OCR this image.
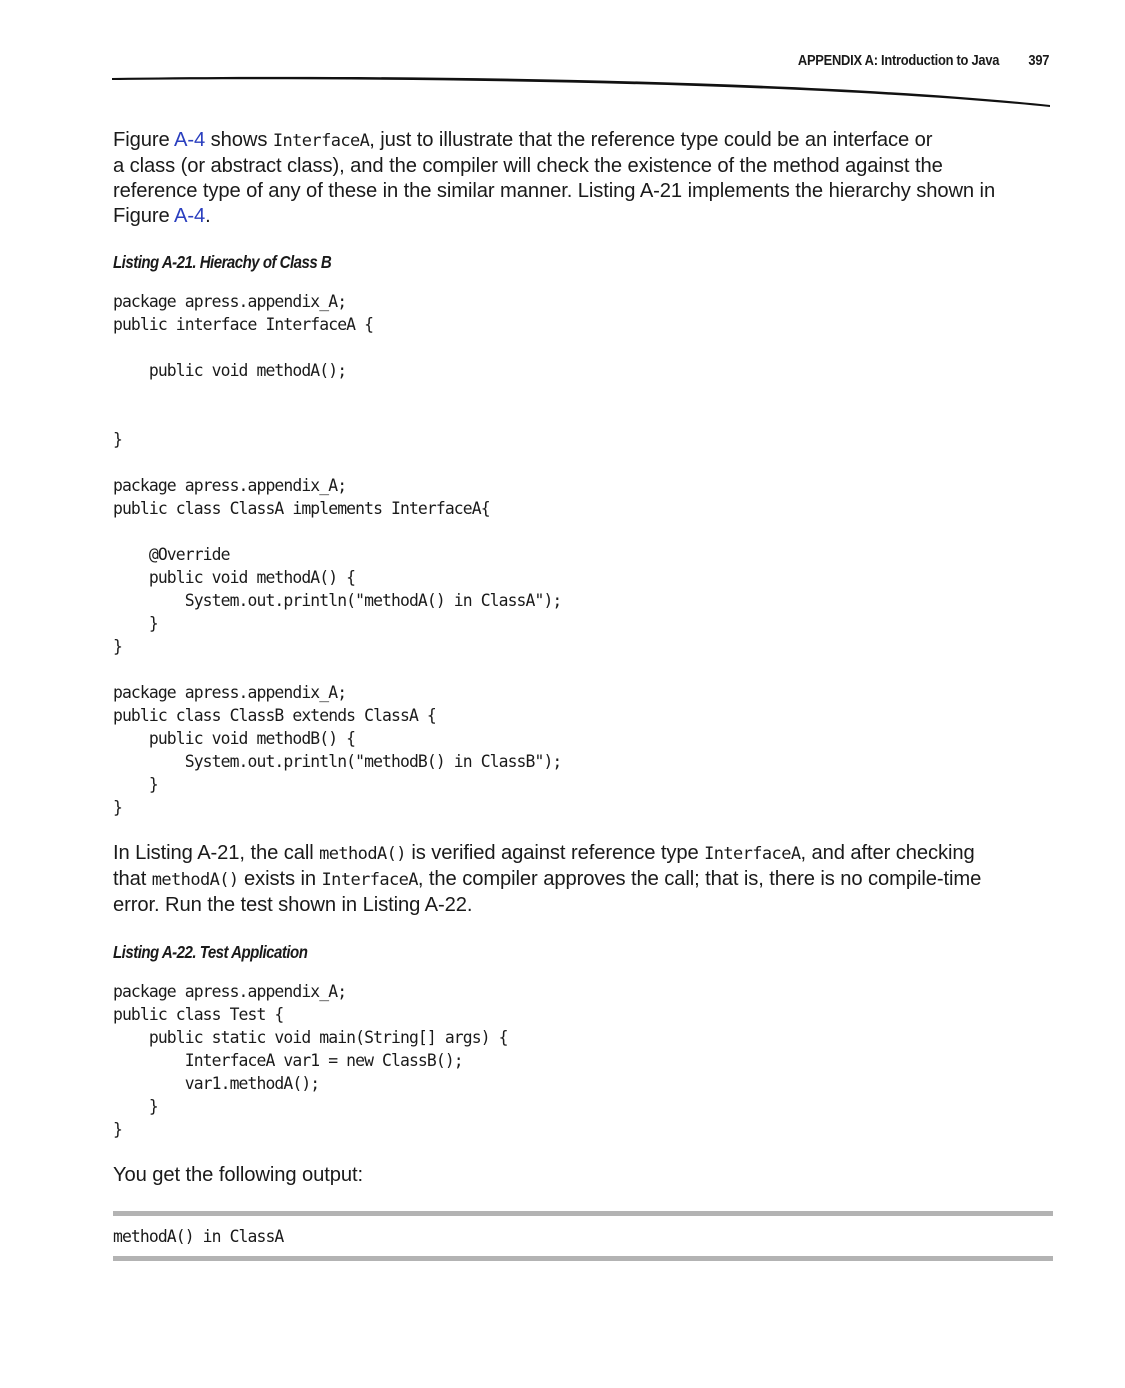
APPENDIX A: Introduction to Java 397

Figure A-4 shows InterfaceA, just to illustrate that the reference type could be an interface or
a class (or abstract class), and the compiler will check the existence of the method against the
reference type of any of these in the similar manner. Listing A-21 implements the hierarchy shown in
Figure A-4.

Listing A-21. Hierachy of Class B

package apress.appendix_A;
public interface InterfaceA {

public void methodA();

}

package apress.appendix_A;
public class ClassA implements InterfaceA{

@Override
public void methodA() {
System.out.println("methodA() in ClassA");
}
}

package apress.appendix_A;
public class ClassB extends ClassA {
public void methodB() {
System.out.println("methodB() in ClassB");
}
}

In Listing A-21, the call methodA() is verified against reference type InterfaceA, and after checking
that methodA() exists in InterfaceA, the compiler approves the call; that is, there is no compile-time
error. Run the test shown in Listing A-22.

Listing A-22. Test Application

package apress.appendix_A;
public class Test {
public static void main(String[] args) {
InterfaceA var1 = new ClassB();
var1.methodA();
}
}

You get the following output:

methodA() in ClassA
